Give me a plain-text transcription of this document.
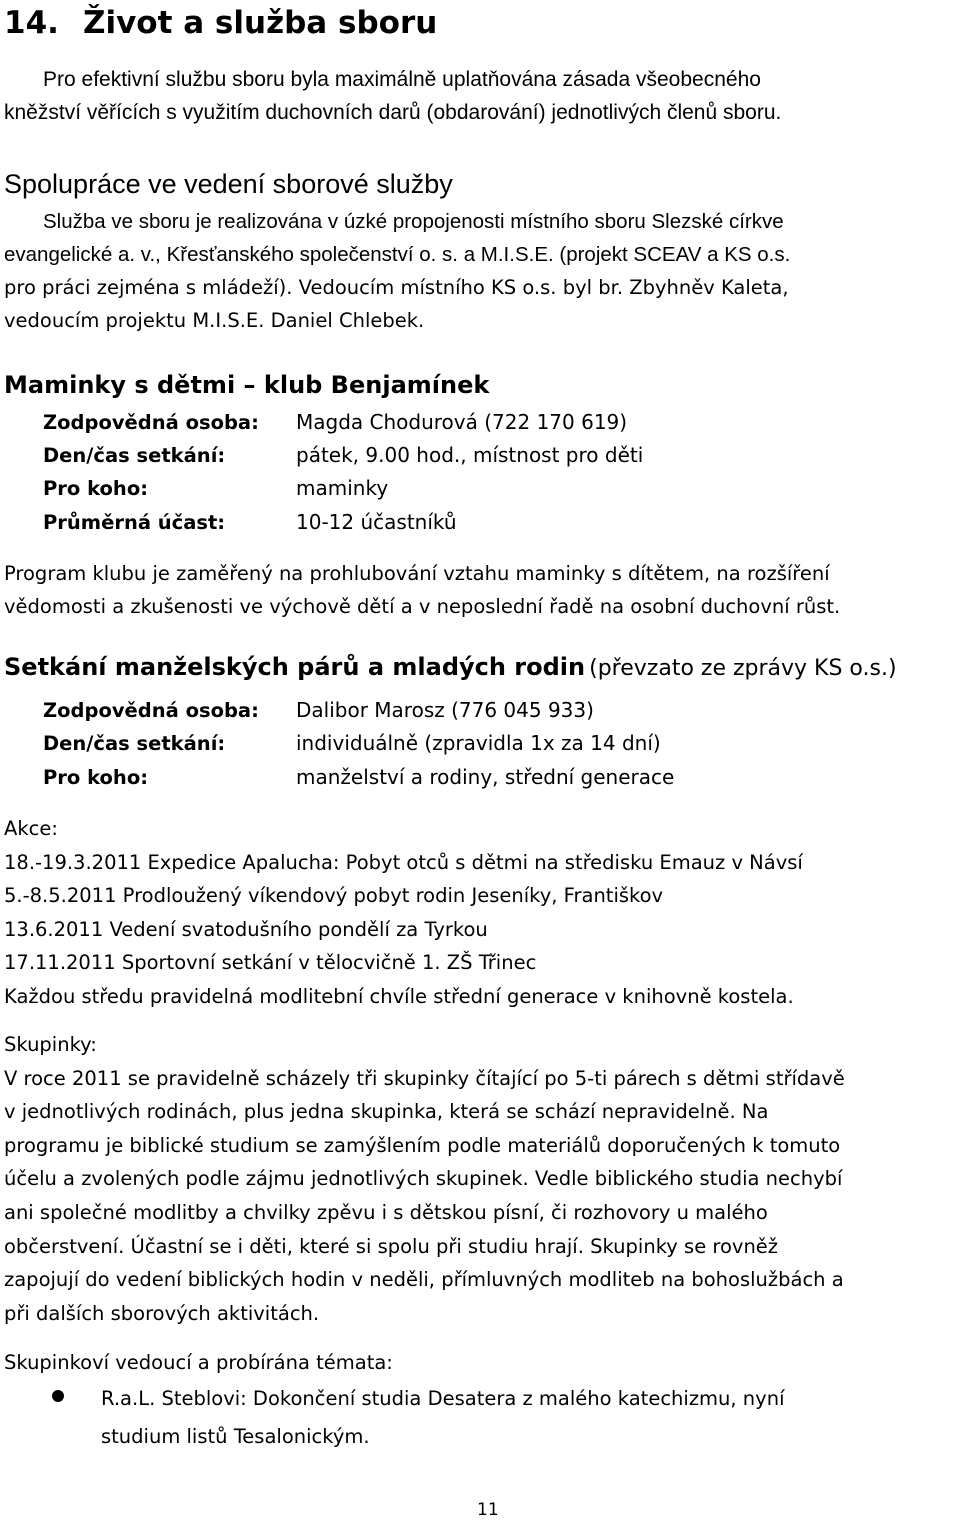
14. Život a služba sboru
Pro efektivní službu sboru byla maximálně uplatňována zásada všeobecného
kněžství věřících s využitím duchovních darů (obdarování) jednotlivých členů sboru.
Spolupráce ve vedení sborové služby
Služba ve sboru je realizována v úzké propojenosti místního sboru Slezské církve
evangelické a. v., Křesťanského společenství o. s. a M.I.S.E. (projekt SCEAV a KS o.s.
pro práci zejména s mládeží). Vedoucím místního KS o.s. byl br. Zbyhněv Kaleta,
vedoucím projektu M.I.S.E. Daniel Chlebek.
Maminky s dětmi – klub Benjamínek
Zodpovědná osoba: Magda Chodurová (722 170 619)
Den/čas setkání:	pátek, 9.00 hod., místnost pro děti
Pro koho:	maminky
Průměrná účast:	10-12 účastníků
Program klubu je zaměřený na prohlubování vztahu maminky s dítětem, na rozšíření
vědomosti a zkušenosti ve výchově dětí a v neposlední řadě na osobní duchovní růst.
Setkání manželských párů a mladých rodin (převzato ze zprávy KS o.s.)
Zodpovědná osoba: Dalibor Marosz (776 045 933)
Den/čas setkání:	individuálně (zpravidla 1x za 14 dní)
Pro koho:	manželství a rodiny, střední generace
Akce:
18.-19.3.2011 Expedice Apalucha: Pobyt otců s dětmi na středisku Emauz v Návsí
5.-8.5.2011 Prodloužený víkendový pobyt rodin Jeseníky, Františkov
13.6.2011 Vedení svatodušního pondělí za Tyrkou
17.11.2011 Sportovní setkání v tělocvičně 1. ZŠ Třinec
Každou středu pravidelná modlitební chvíle střední generace v knihovně kostela.
Skupinky:
V roce 2011 se pravidelně scházely tři skupinky čítající po 5-ti párech s dětmi střídavě
v jednotlivých rodinách, plus jedna skupinka, která se schází nepravidelně. Na
programu je biblické studium se zamýšlením podle materiálů doporučených k tomuto
účelu a zvolených podle zájmu jednotlivých skupinek. Vedle biblického studia nechybí
ani společné modlitby a chvilky zpěvu i s dětskou písní, či rozhovory u malého
občerstvení. Účastní se i děti, které si spolu při studiu hrají. Skupinky se rovněž
zapojují do vedení biblických hodin v neděli, přímluvných modliteb na bohoslužbách a
při dalších sborových aktivitách.
Skupinkoví vedoucí a probírána témata:
R.a.L. Steblovi: Dokončení studia Desatera z malého katechizmu, nyní
studium listů Tesalonickým.
11
